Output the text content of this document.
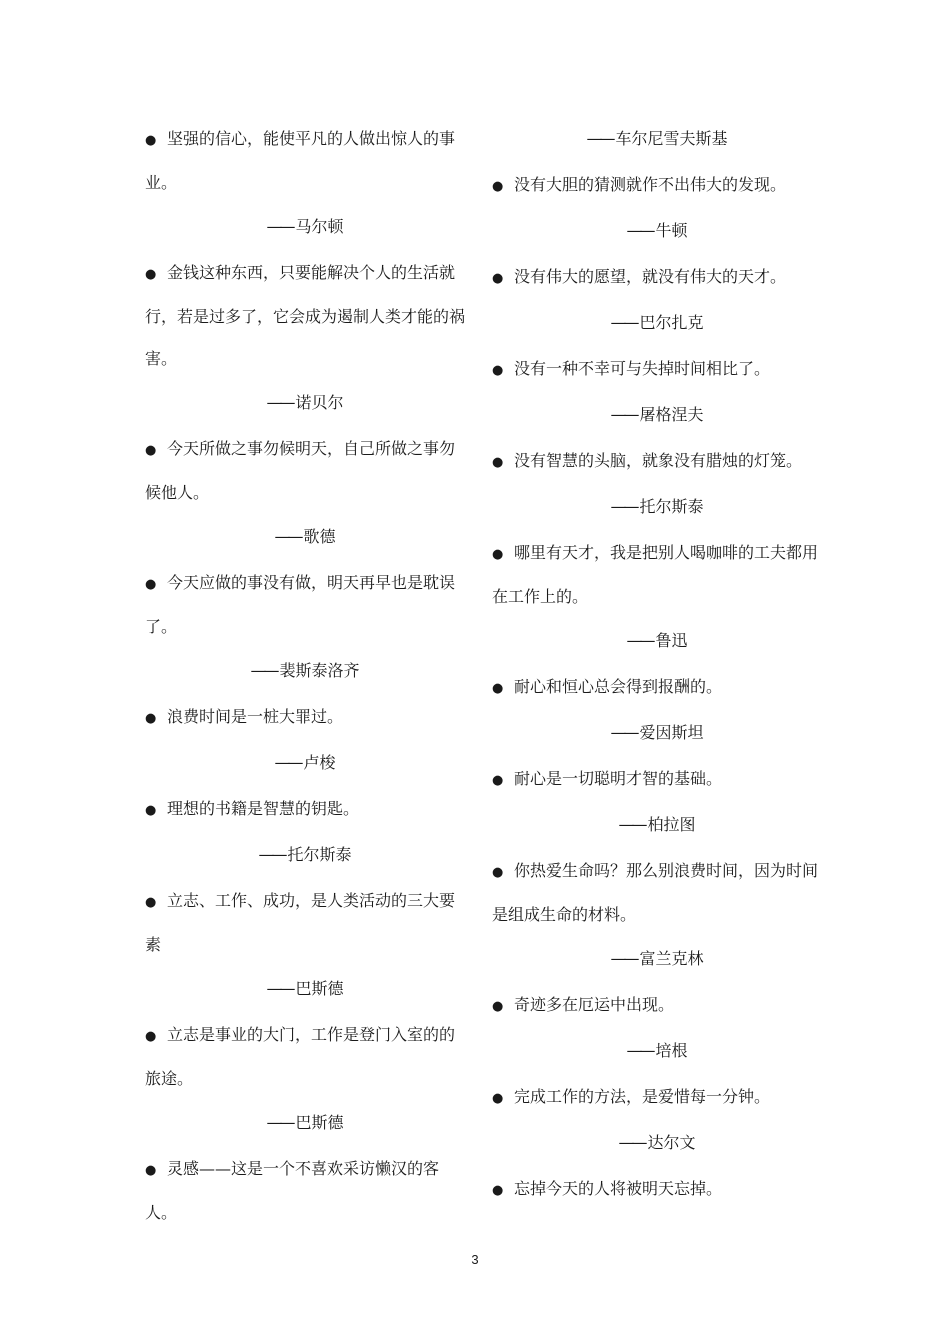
● 坚强的信心，能使平凡的人做出惊人的事业。
—— 马尔顿
● 金钱这种东西，只要能解决个人的生活就行，若是过多了，它会成为遏制人类才能的祸害。
—— 诺贝尔
● 今天所做之事勿候明天，自己所做之事勿候他人。
—— 歌德
● 今天应做的事没有做，明天再早也是耽误了。
—— 裴斯泰洛齐
● 浪费时间是一桩大罪过。
—— 卢梭
● 理想的书籍是智慧的钥匙。
—— 托尔斯泰
● 立志、工作、成功，是人类活动的三大要素
—— 巴斯德
● 立志是事业的大门，工作是登门入室的的旅途。
—— 巴斯德
● 灵感——这是一个不喜欢采访懒汉的客人。
—— 车尔尼雪夫斯基
● 没有大胆的猜测就作不出伟大的发现。
—— 牛顿
● 没有伟大的愿望，就没有伟大的天才。
—— 巴尔扎克
● 没有一种不幸可与失掉时间相比了。
—— 屠格涅夫
● 没有智慧的头脑，就象没有腊烛的灯笼。
—— 托尔斯泰
● 哪里有天才，我是把别人喝咖啡的工夫都用在工作上的。
—— 鲁迅
● 耐心和恒心总会得到报酬的。
—— 爱因斯坦
● 耐心是一切聪明才智的基础。
—— 柏拉图
● 你热爱生命吗？那么别浪费时间，因为时间是组成生命的材料。
—— 富兰克林
● 奇迹多在厄运中出现。
—— 培根
● 完成工作的方法，是爱惜每一分钟。
—— 达尔文
● 忘掉今天的人将被明天忘掉。
3
